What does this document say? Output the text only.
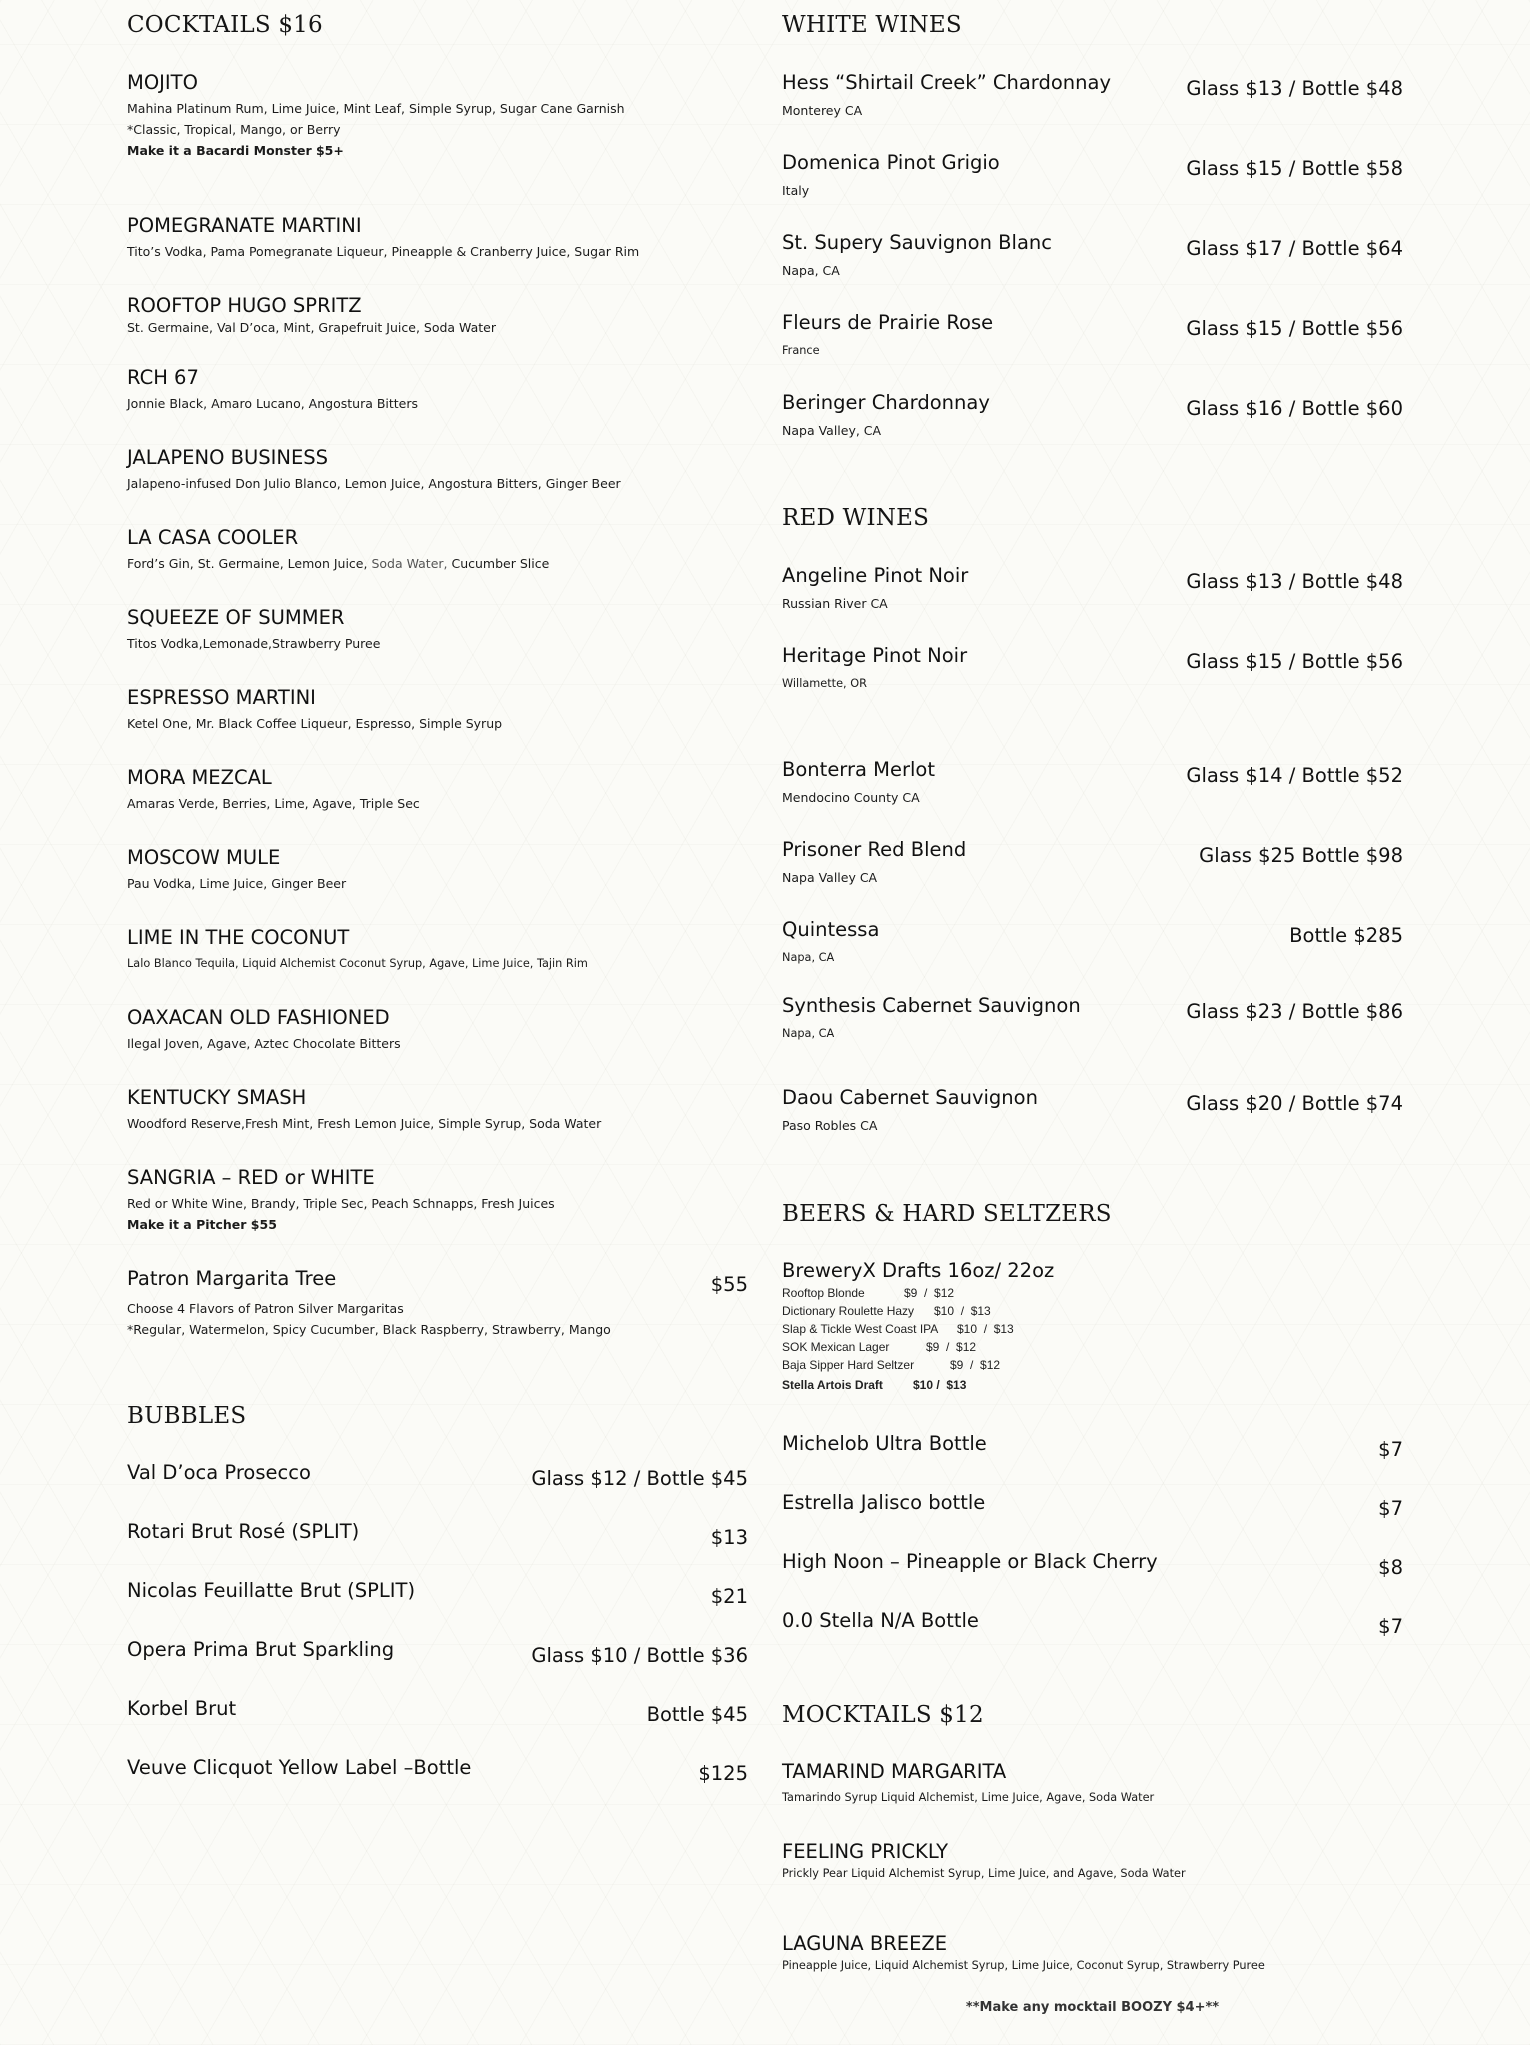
COCKTAILS $16
MOJITO
Mahina Platinum Rum, Lime Juice, Mint Leaf, Simple Syrup, Sugar Cane Garnish
*Classic, Tropical, Mango, or Berry
Make it a Bacardi Monster $5+
POMEGRANATE MARTINI
Tito’s Vodka, Pama Pomegranate Liqueur, Pineapple & Cranberry Juice, Sugar Rim
ROOFTOP HUGO SPRITZ
St. Germaine, Val D’oca, Mint, Grapefruit Juice, Soda Water
RCH 67
Jonnie Black, Amaro Lucano, Angostura Bitters
JALAPENO BUSINESS
Jalapeno-infused Don Julio Blanco, Lemon Juice, Angostura Bitters, Ginger Beer
LA CASA COOLER
Ford’s Gin, St. Germaine, Lemon Juice, Soda Water, Cucumber Slice
SQUEEZE OF SUMMER
Titos Vodka,Lemonade,Strawberry Puree
ESPRESSO MARTINI
Ketel One, Mr. Black Coffee Liqueur, Espresso, Simple Syrup
MORA MEZCAL
Amaras Verde, Berries, Lime, Agave, Triple Sec
MOSCOW MULE
Pau Vodka, Lime Juice, Ginger Beer
LIME IN THE COCONUT
Lalo Blanco Tequila, Liquid Alchemist Coconut Syrup, Agave, Lime Juice, Tajin Rim
OAXACAN OLD FASHIONED
Ilegal Joven, Agave, Aztec Chocolate Bitters
KENTUCKY SMASH
Woodford Reserve,Fresh Mint, Fresh Lemon Juice, Simple Syrup, Soda Water
SANGRIA – RED or WHITE
Red or White Wine, Brandy, Triple Sec, Peach Schnapps, Fresh Juices
Make it a Pitcher $55
Patron Margarita Tree	$55
Choose 4 Flavors of Patron Silver Margaritas
*Regular, Watermelon, Spicy Cucumber, Black Raspberry, Strawberry, Mango
BUBBLES
Val D’oca Prosecco	Glass $12 / Bottle $45
Rotari Brut Rosé (SPLIT)	$13
Nicolas Feuillatte Brut (SPLIT)	$21
Opera Prima Brut Sparkling	Glass $10 / Bottle $36
Korbel Brut	Bottle $45
Veuve Clicquot Yellow Label –Bottle	$125
WHITE WINES
Hess “Shirtail Creek” Chardonnay	Glass $13 / Bottle $48
Monterey CA
Domenica Pinot Grigio	Glass $15 / Bottle $58
Italy
St. Supery Sauvignon Blanc	Glass $17 / Bottle $64
Napa, CA
Fleurs de Prairie Rose	Glass $15 / Bottle $56
France
Beringer Chardonnay	Glass $16 / Bottle $60
Napa Valley, CA
RED WINES
Angeline Pinot Noir	Glass $13 / Bottle $48
Russian River CA
Heritage Pinot Noir	Glass $15 / Bottle $56
Willamette, OR
Bonterra Merlot	Glass $14 / Bottle $52
Mendocino County CA
Prisoner Red Blend	Glass $25 Bottle $98
Napa Valley CA
Quintessa	Bottle $285
Napa, CA
Synthesis Cabernet Sauvignon	Glass $23 / Bottle $86
Napa, CA
Daou Cabernet Sauvignon	Glass $20 / Bottle $74
Paso Robles CA
BEERS & HARD SELTZERS
BreweryX Drafts 16oz/ 22oz
Rooftop Blonde	$9  /  $12
Dictionary Roulette Hazy $10  /  $13
Slap & Tickle West Coast IPA $10  /  $13
SOK Mexican Lager	$9  /  $12
Baja Sipper Hard Seltzer	$9  /  $12
Stella Artois Draft	$10 /  $13
Michelob Ultra Bottle	$7
Estrella Jalisco bottle	$7
High Noon – Pineapple or Black Cherry	$8
0.0 Stella N/A Bottle	$7
MOCKTAILS $12
TAMARIND MARGARITA
Tamarindo Syrup Liquid Alchemist, Lime Juice, Agave, Soda Water
FEELING PRICKLY
Prickly Pear Liquid Alchemist Syrup, Lime Juice, and Agave, Soda Water
LAGUNA BREEZE
Pineapple Juice, Liquid Alchemist Syrup, Lime Juice, Coconut Syrup, Strawberry Puree
**Make any mocktail BOOZY $4+**
